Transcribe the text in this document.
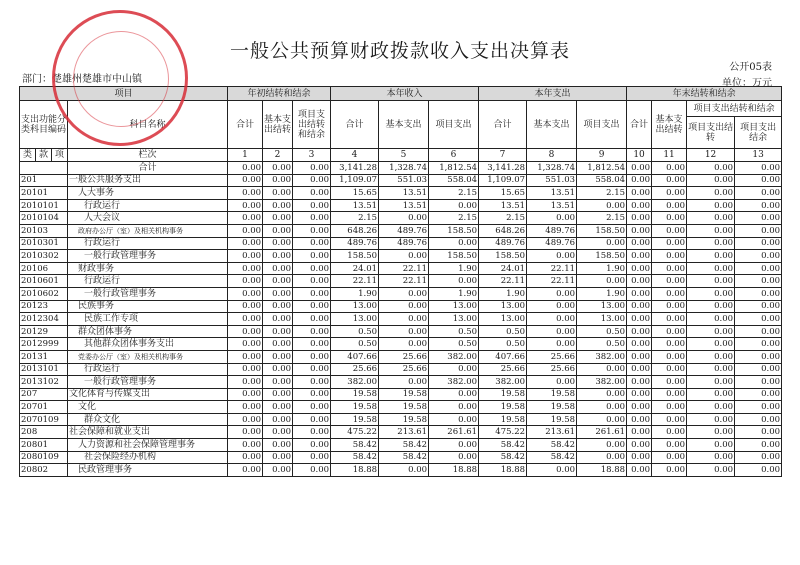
一般公共预算财政拨款收入支出决算表
公开05表
部门：楚雄州楚雄市中山镇	单位：万元
项目				年初结转和结余			本年收入			本年支出			年末结转和结余			
支出功能分类科目编码			科目名称	合计	基本支出结转	项目支出结转和结余	合计	基本支出	项目支出	合计	基本支出	项目支出	合计	基本支出结转	项目支出结转和结余	
															项目支出结转	项目支出结余
类	款	项	栏次	1	2	3	4	5	6	7	8	9	10	11	12	13
			合计	0.00	0.00	0.00	3,141.28	1,328.74	1,812.54	3,141.28	1,328.74	1,812.54	0.00	0.00	0.00	0.00
201			一般公共服务支出	0.00	0.00	0.00	1,109.07	551.03	558.04	1,109.07	551.03	558.04	0.00	0.00	0.00	0.00
20101			人大事务	0.00	0.00	0.00	15.65	13.51	2.15	15.65	13.51	2.15	0.00	0.00	0.00	0.00
2010101			行政运行	0.00	0.00	0.00	13.51	13.51	0.00	13.51	13.51	0.00	0.00	0.00	0.00	0.00
2010104			人大会议	0.00	0.00	0.00	2.15	0.00	2.15	2.15	0.00	2.15	0.00	0.00	0.00	0.00
20103			政府办公厅（室）及相关机构事务	0.00	0.00	0.00	648.26	489.76	158.50	648.26	489.76	158.50	0.00	0.00	0.00	0.00
2010301			行政运行	0.00	0.00	0.00	489.76	489.76	0.00	489.76	489.76	0.00	0.00	0.00	0.00	0.00
2010302			一般行政管理事务	0.00	0.00	0.00	158.50	0.00	158.50	158.50	0.00	158.50	0.00	0.00	0.00	0.00
20106			财政事务	0.00	0.00	0.00	24.01	22.11	1.90	24.01	22.11	1.90	0.00	0.00	0.00	0.00
2010601			行政运行	0.00	0.00	0.00	22.11	22.11	0.00	22.11	22.11	0.00	0.00	0.00	0.00	0.00
2010602			一般行政管理事务	0.00	0.00	0.00	1.90	0.00	1.90	1.90	0.00	1.90	0.00	0.00	0.00	0.00
20123			民族事务	0.00	0.00	0.00	13.00	0.00	13.00	13.00	0.00	13.00	0.00	0.00	0.00	0.00
2012304			民族工作专项	0.00	0.00	0.00	13.00	0.00	13.00	13.00	0.00	13.00	0.00	0.00	0.00	0.00
20129			群众团体事务	0.00	0.00	0.00	0.50	0.00	0.50	0.50	0.00	0.50	0.00	0.00	0.00	0.00
2012999			其他群众团体事务支出	0.00	0.00	0.00	0.50	0.00	0.50	0.50	0.00	0.50	0.00	0.00	0.00	0.00
20131			党委办公厅（室）及相关机构事务	0.00	0.00	0.00	407.66	25.66	382.00	407.66	25.66	382.00	0.00	0.00	0.00	0.00
2013101			行政运行	0.00	0.00	0.00	25.66	25.66	0.00	25.66	25.66	0.00	0.00	0.00	0.00	0.00
2013102			一般行政管理事务	0.00	0.00	0.00	382.00	0.00	382.00	382.00	0.00	382.00	0.00	0.00	0.00	0.00
207			文化体育与传媒支出	0.00	0.00	0.00	19.58	19.58	0.00	19.58	19.58	0.00	0.00	0.00	0.00	0.00
20701			文化	0.00	0.00	0.00	19.58	19.58	0.00	19.58	19.58	0.00	0.00	0.00	0.00	0.00
2070109			群众文化	0.00	0.00	0.00	19.58	19.58	0.00	19.58	19.58	0.00	0.00	0.00	0.00	0.00
208			社会保障和就业支出	0.00	0.00	0.00	475.22	213.61	261.61	475.22	213.61	261.61	0.00	0.00	0.00	0.00
20801			人力资源和社会保障管理事务	0.00	0.00	0.00	58.42	58.42	0.00	58.42	58.42	0.00	0.00	0.00	0.00	0.00
2080109			社会保险经办机构	0.00	0.00	0.00	58.42	58.42	0.00	58.42	58.42	0.00	0.00	0.00	0.00	0.00
20802			民政管理事务	0.00	0.00	0.00	18.88	0.00	18.88	18.88	0.00	18.88	0.00	0.00	0.00	0.00
